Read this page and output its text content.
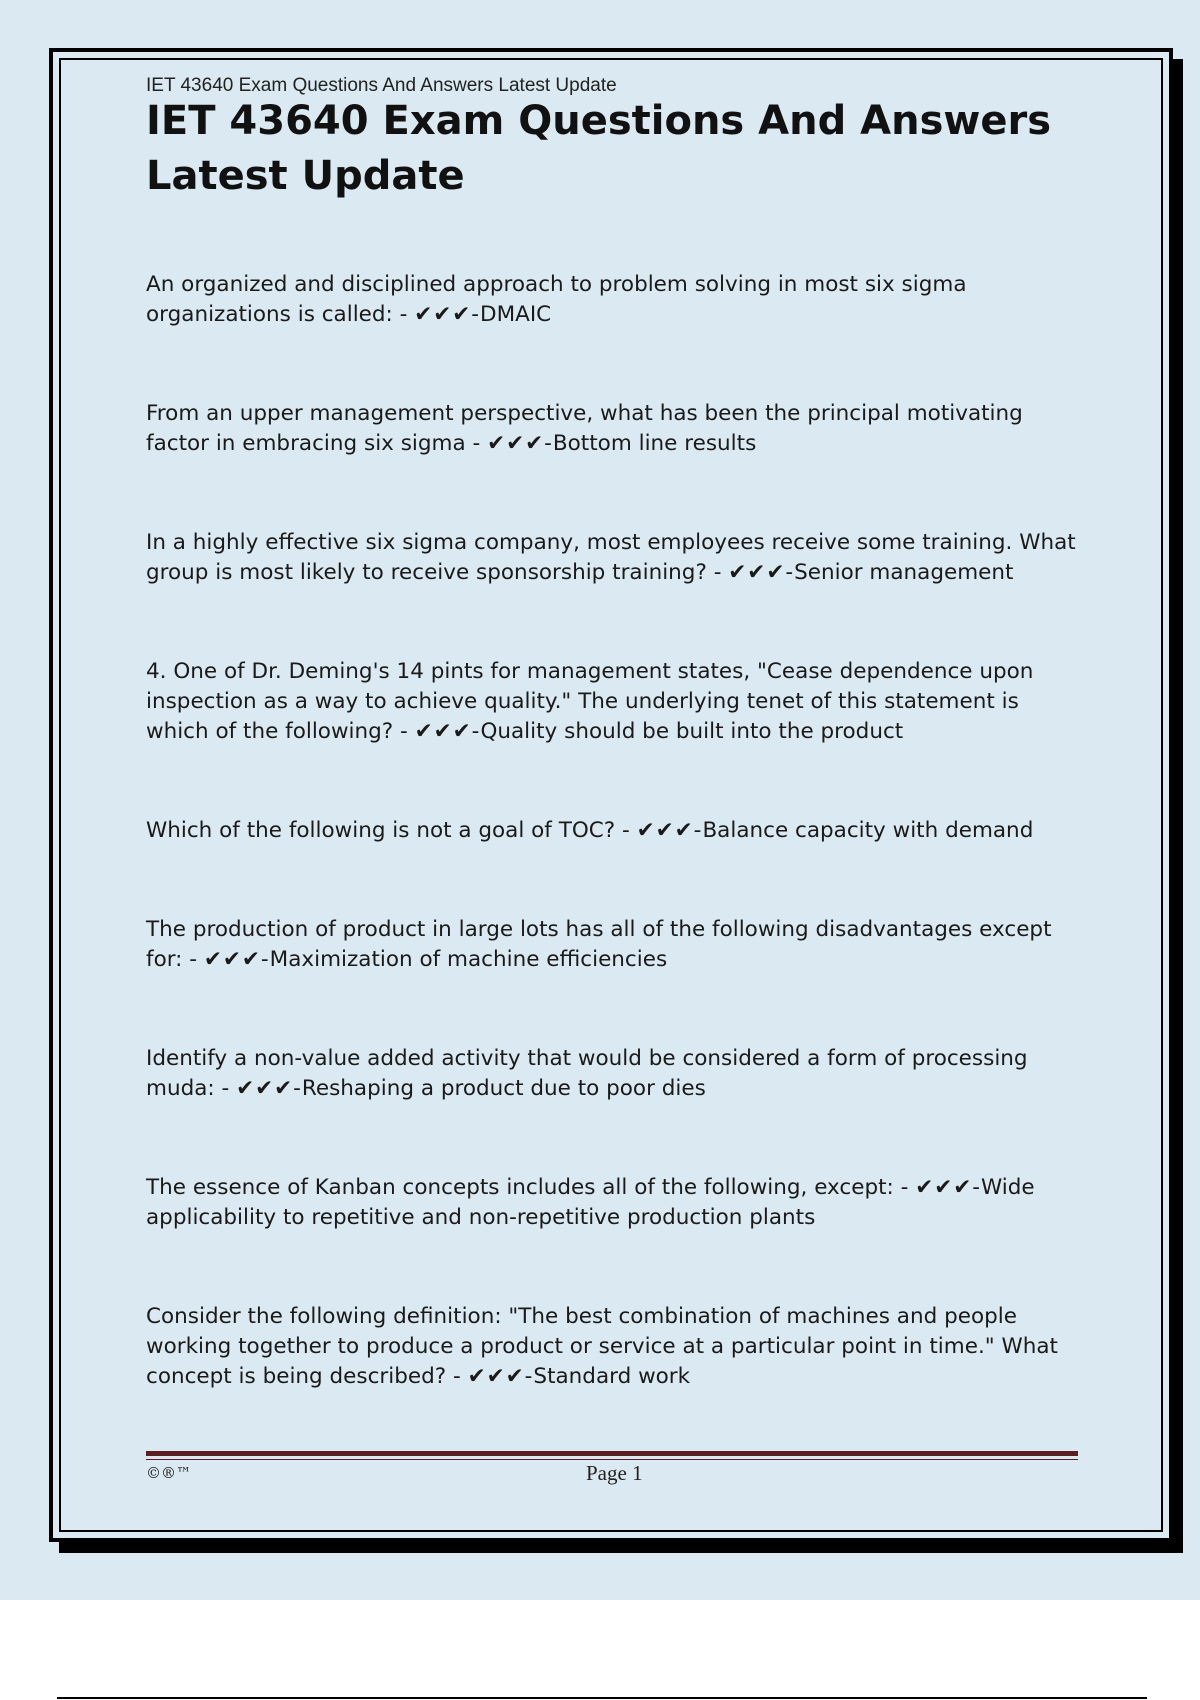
IET 43640 Exam Questions And Answers Latest Update

IET 43640 Exam Questions And Answers Latest Update

An organized and disciplined approach to problem solving in most six sigma organizations is called: - ✔✔✔-DMAIC

From an upper management perspective, what has been the principal motivating factor in embracing six sigma - ✔✔✔-Bottom line results

In a highly effective six sigma company, most employees receive some training. What group is most likely to receive sponsorship training? - ✔✔✔-Senior management

4. One of Dr. Deming's 14 pints for management states, "Cease dependence upon inspection as a way to achieve quality." The underlying tenet of this statement is which of the following? - ✔✔✔-Quality should be built into the product

Which of the following is not a goal of TOC? - ✔✔✔-Balance capacity with demand

The production of product in large lots has all of the following disadvantages except for: - ✔✔✔-Maximization of machine efficiencies

Identify a non-value added activity that would be considered a form of processing muda: - ✔✔✔-Reshaping a product due to poor dies

The essence of Kanban concepts includes all of the following, except: - ✔✔✔-Wide applicability to repetitive and non-repetitive production plants

Consider the following definition: "The best combination of machines and people working together to produce a product or service at a particular point in time." What concept is being described? - ✔✔✔-Standard work

©®™	Page 1
